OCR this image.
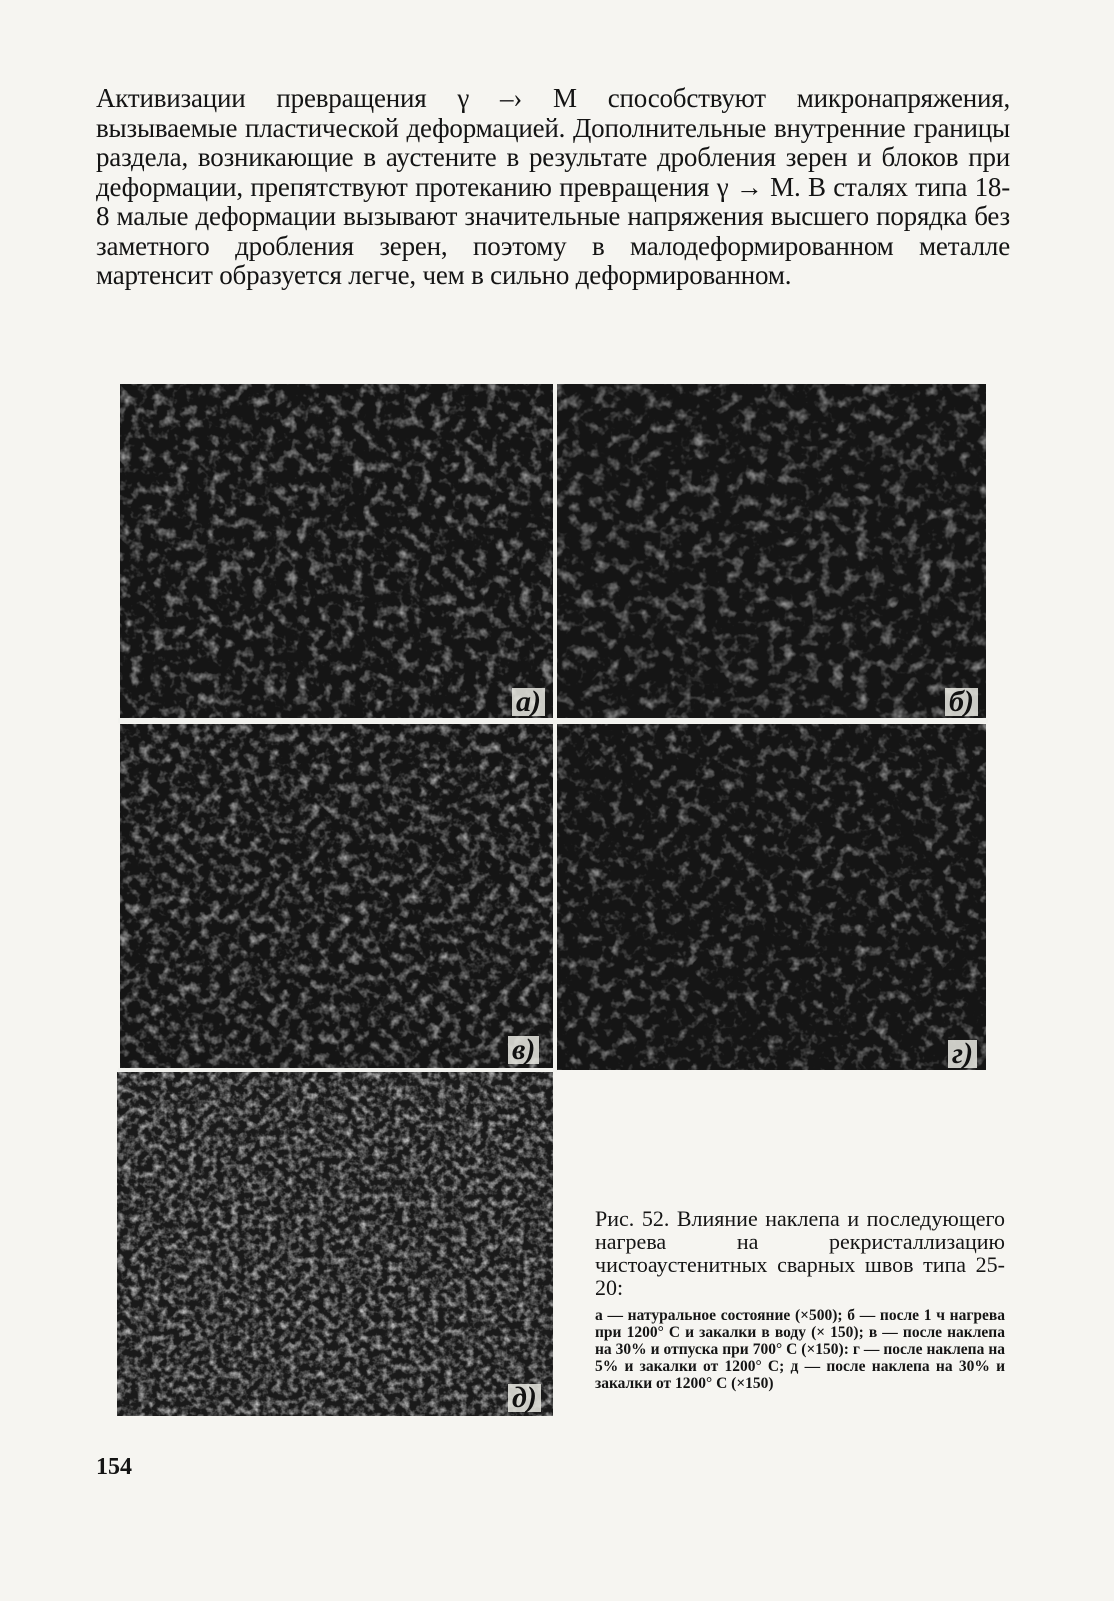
Активизации превращения γ –› M способствуют микронапряжения, вызываемые пластической деформацией. Дополнительные внутренние границы раздела, возникающие в аустените в результате дробления зерен и блоков при деформации, препятствуют протеканию превращения γ → M. В сталях типа 18-8 малые деформации вызывают значительные напряжения высшего порядка без заметного дробления зерен, поэтому в малодеформированном металле мартенсит образуется легче, чем в сильно деформированном.

a)	б)
в)	г)
д)

Рис. 52. Влияние наклепа и последующего нагрева на рекристаллизацию чистоаустенитных сварных швов типа 25-20:

а — натуральное состояние (×500); б — после 1 ч нагрева при 1200° С и закалки в воду (× 150); в — после наклепа на 30% и отпуска при 700° С (×150): г — после наклепа на 5% и закалки от 1200° С; д — после наклепа на 30% и закалки от 1200° С (×150)

154
